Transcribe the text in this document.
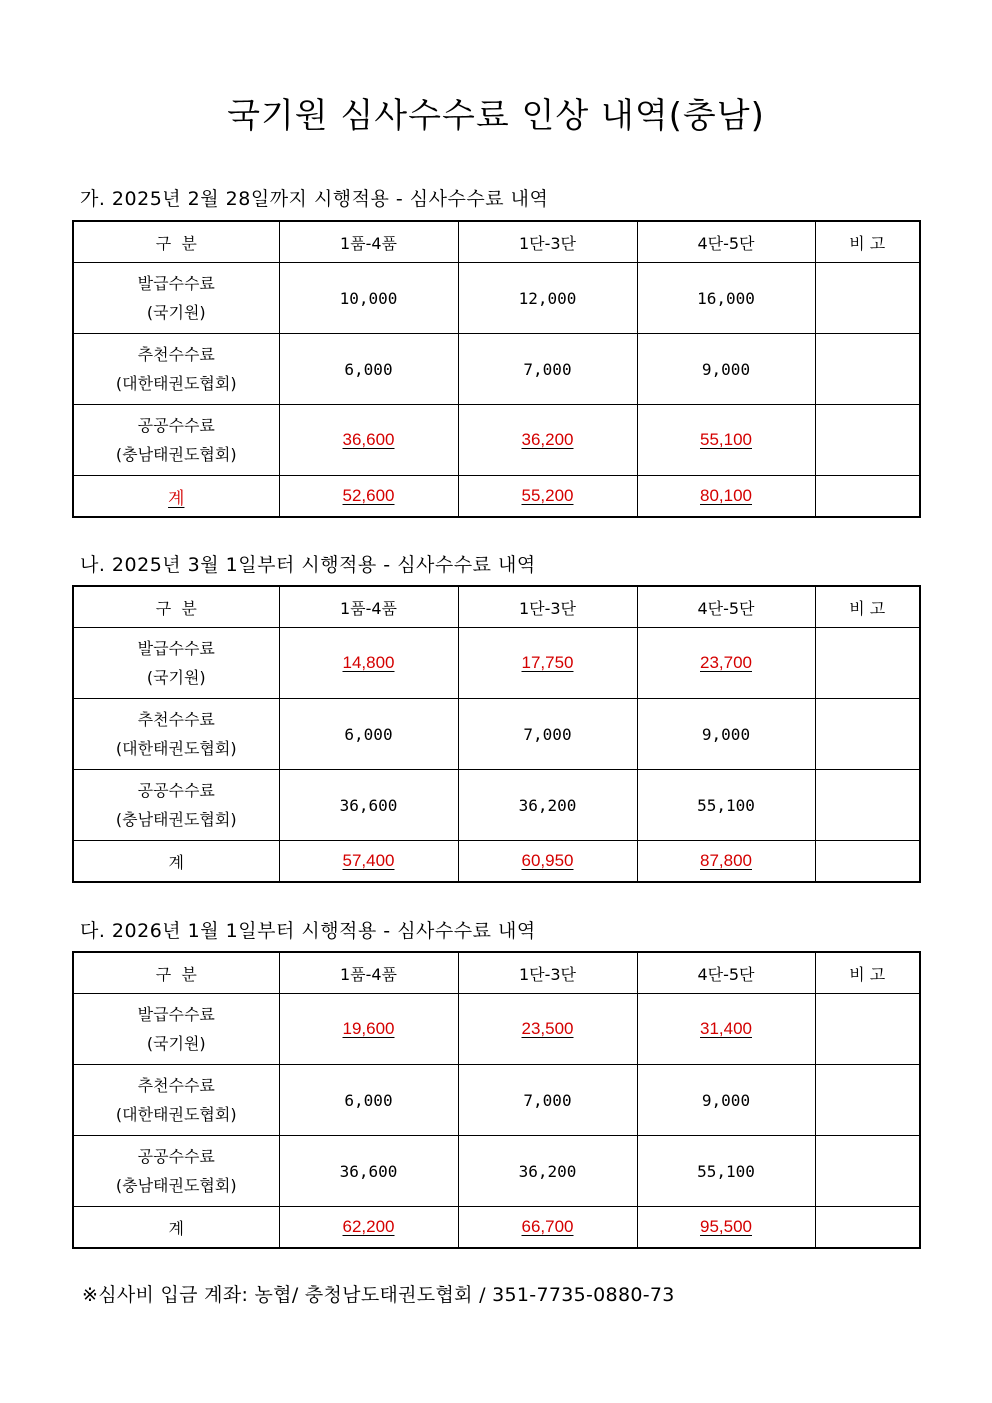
국기원 심사수수료 인상 내역(충남)
가. 2025년 2월 28일까지 시행적용 - 심사수수료 내역
구  분	1품-4품	1단-3단	4단-5단	비 고
발급수수료
(국기원)	10,000	12,000	16,000	
추천수수료
(대한태권도협회)	6,000	7,000	9,000	
공공수수료
(충남태권도협회)	36,600	36,200	55,100	
계	52,600	55,200	80,100	
나. 2025년 3월 1일부터 시행적용 - 심사수수료 내역
구  분	1품-4품	1단-3단	4단-5단	비 고
발급수수료
(국기원)	14,800	17,750	23,700	
추천수수료
(대한태권도협회)	6,000	7,000	9,000	
공공수수료
(충남태권도협회)	36,600	36,200	55,100	
계	57,400	60,950	87,800	
다. 2026년 1월 1일부터 시행적용 - 심사수수료 내역
구  분	1품-4품	1단-3단	4단-5단	비 고
발급수수료
(국기원)	19,600	23,500	31,400	
추천수수료
(대한태권도협회)	6,000	7,000	9,000	
공공수수료
(충남태권도협회)	36,600	36,200	55,100	
계	62,200	66,700	95,500	
※심사비 입금 계좌: 농협/ 충청남도태권도협회 / 351-7735-0880-73
